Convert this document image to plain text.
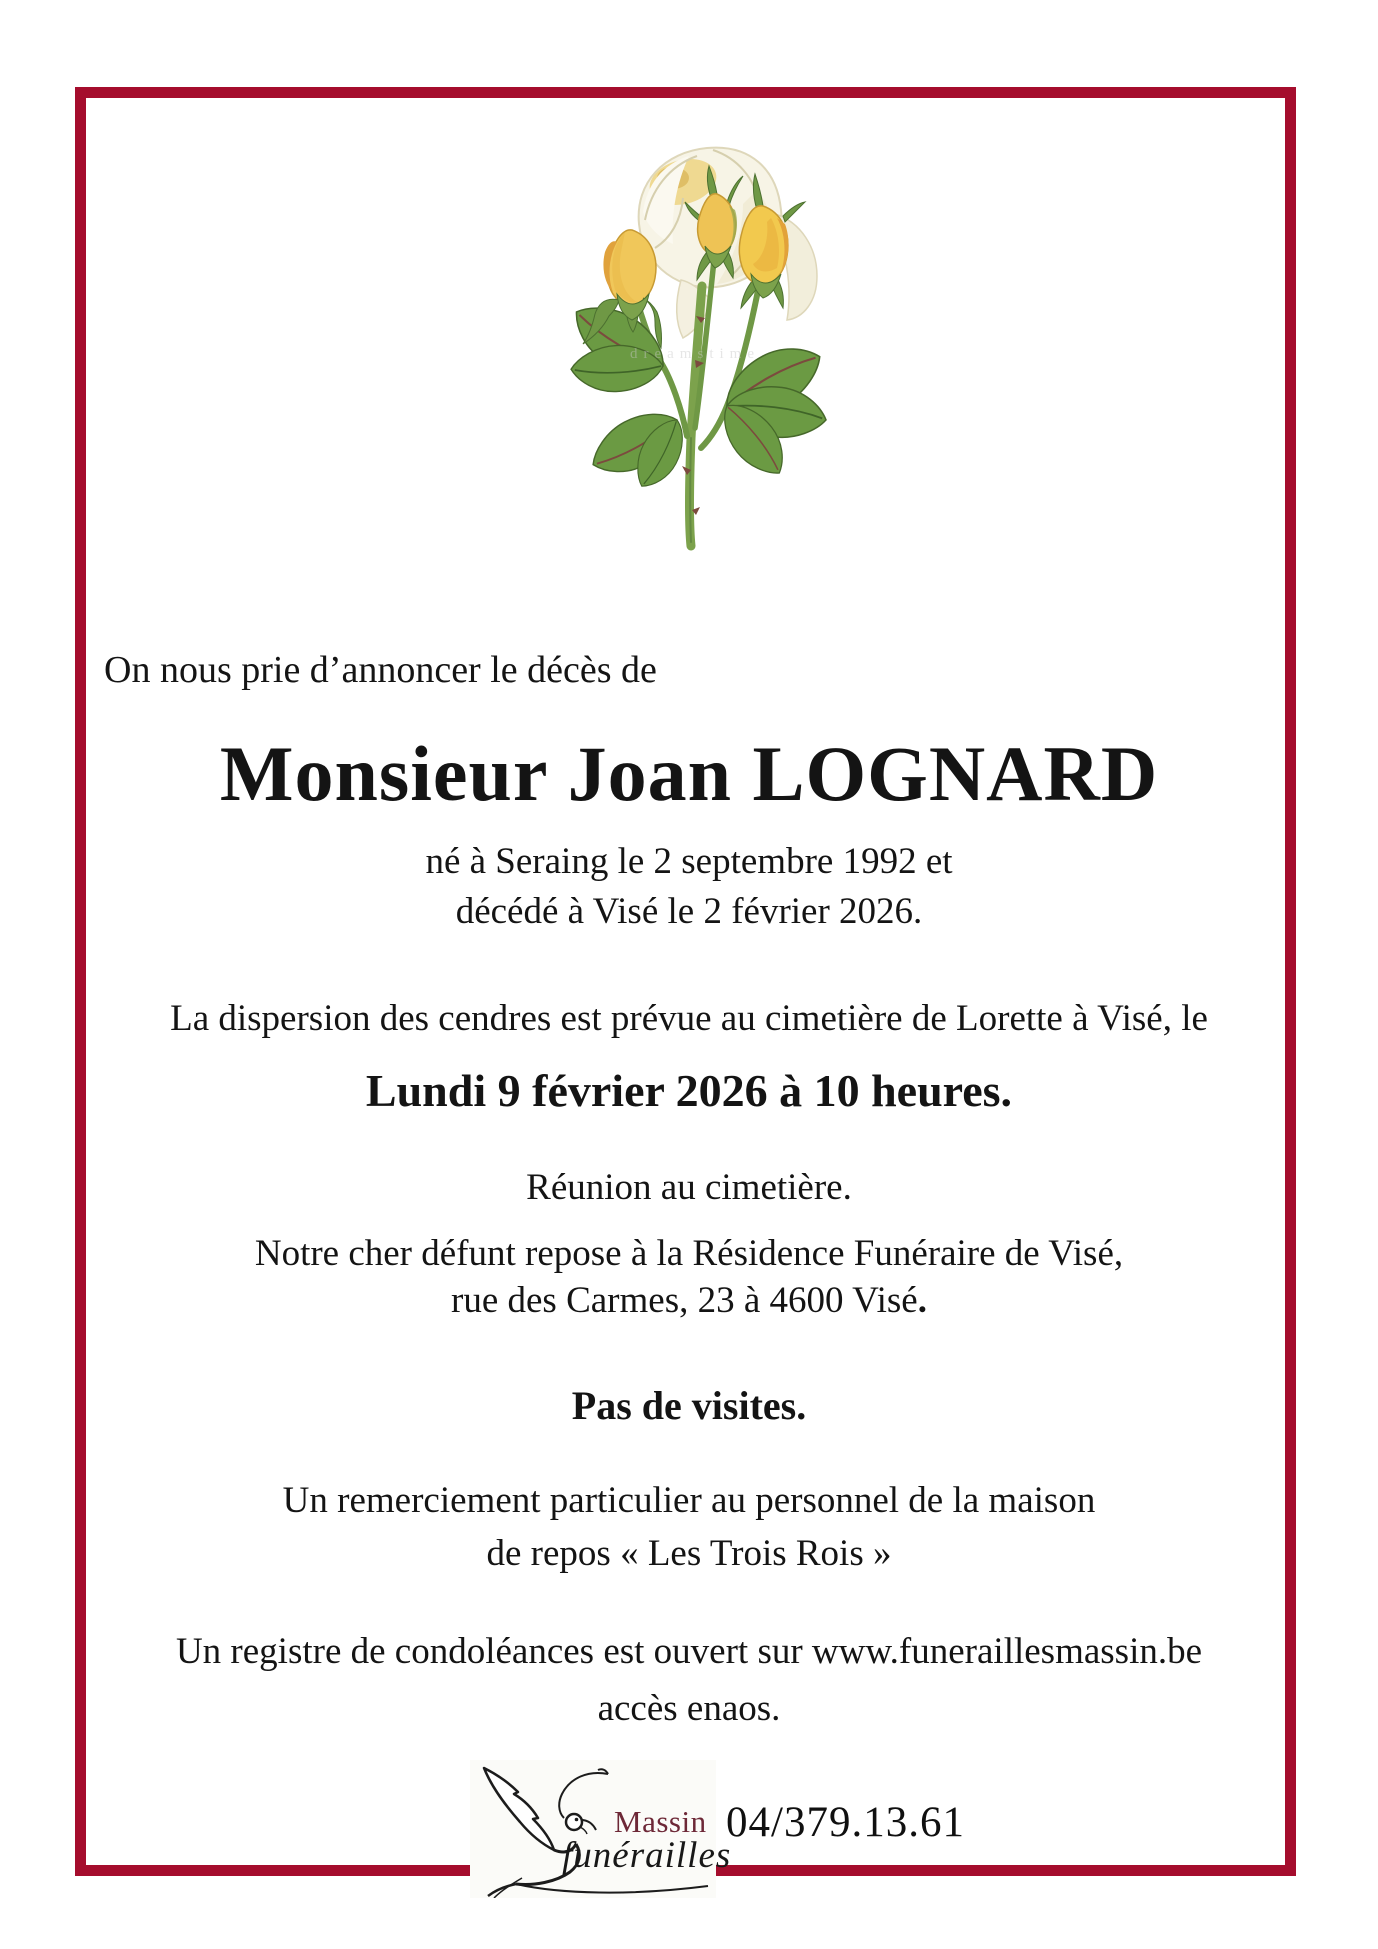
dreamstime
On nous prie d’annoncer le décès de
Monsieur Joan LOGNARD
né à Seraing le 2 septembre 1992 et
décédé à Visé le 2 février 2026.
La dispersion des cendres est prévue au cimetière de Lorette à Visé, le
Lundi 9 février 2026 à 10 heures.
Réunion au cimetière.
Notre cher défunt repose à la Résidence Funéraire de Visé,
rue des Carmes, 23 à 4600 Visé.
Pas de visites.
Un remerciement particulier au personnel de la maison
de repos « Les Trois Rois »
Un registre de condoléances est ouvert sur www.funeraillesmassin.be
accès enaos.
Massin
funérailles
04/379.13.61
